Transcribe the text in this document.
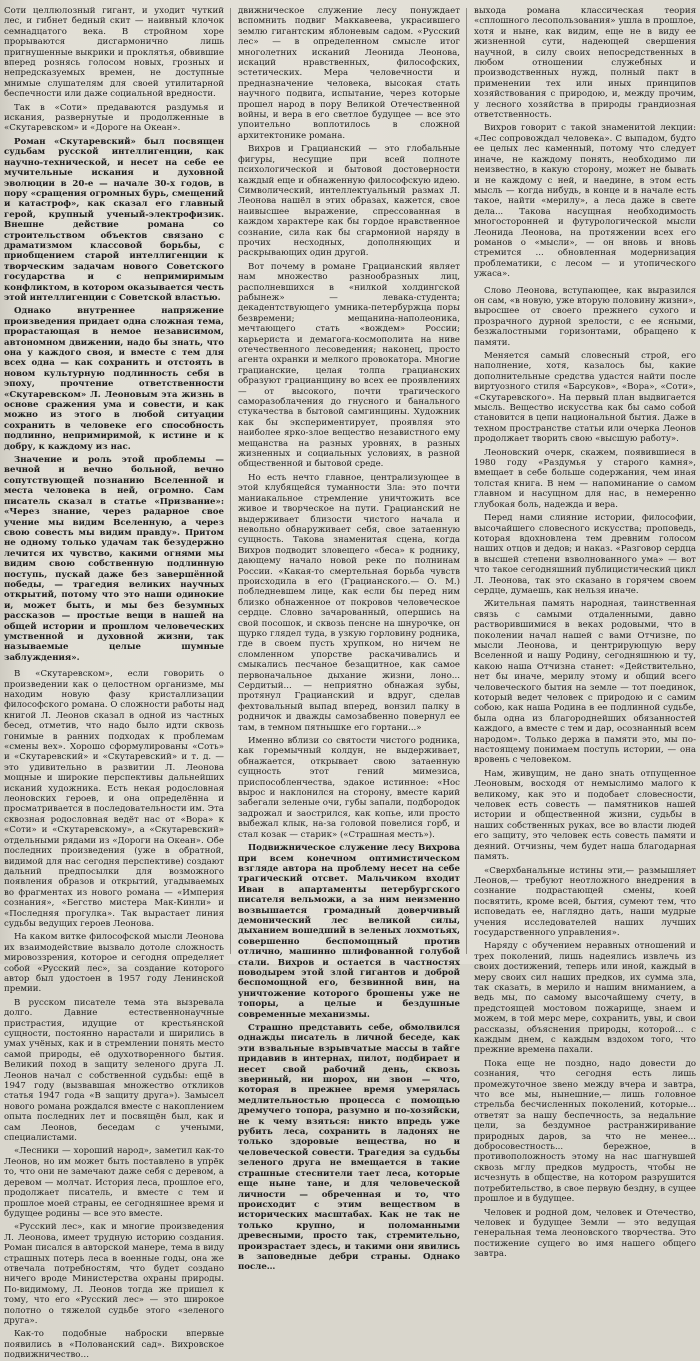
Соти целлюлозный гигант, и уходит чуткий лес, и гибнет бедный скит — наивный клочок семнадцатого века. В стройном хоре прорываются дисгармонично лишь пригнушенные выкрики и проклятья, обвившие вперед рознясь голосом новых, грозных и непредсказуемых времен, не доступные мнимые слушателям для своей утилитарной беспечности или даже социальной вредности.

Так в «Соти» предаваются раздумья и искания, развернутые и продолженные в «Скутаревском» и «Дороге на Океан».

Роман «Скутаревский» был посвящен судьбам русской интеллигенции, как научно-технической, и несет на себе ее мучительные искания и духовной эволюции в 20-е — начале 30-х годов, в пору «сращения огромных бурь, смещений и катастроф», как сказал его главный герой, крупный ученый-электрофизик. Внешне действие романа со строительством объектов связано с драматизмом классовой борьбы, с приобщением старой интеллигенции к творческим задачам нового Советского государства и с непримиримым конфликтом, в котором оказывается честь этой интеллигенции с Советской властью.

Однако внутреннее напряжение произведения придает одна сложная тема, прорастающая в немое независимом, автономном движении, надо бы знать, что она у каждого своя, и вместе с тем для всех одна — как сохранить и отстоять в новом культурную подлинность себя в эпоху, прочтение ответственности «Скутаревском» Л. Леоновым эта жизнь в основе сражения ума и совести, и как можно из этого в любой ситуации сохранить в человеке его способность подлинно, непримиримой, к истине и к добру, к каждому из нас.

Значение и роль этой проблемы — вечной и вечно больной, вечно сопутствующей познанию Вселенной и места человека в ней, огромно. Сам писатель сказал в статье «Призвание»: «Через знание, через радарное свое учение мы видим Вселенную, а через свою совесть мы видим правду». Притом не одному только удачам так безудержно лечится их чувство, какими огнями мы видим свою собственную подлинную поступь, пускай даже без завершённой победы, — трагедия великих научных открытий, потому что это наши одинокие и, может быть, и мы без безумных рассказов — простые вещи в нашей на общей истории и прошлом человеческих умственной и духовной жизни, так называемые целые шумные заблуждения».

В «Скутаревском», если говорить о произведении как о целостном организме, мы находим новую фазу кристаллизации философского романа. О сложности работы над книгой Л. Леонов сказал в одной из частных бесед, отметив, что надо было идти сквозь гонимые в ранних подходах к проблемам «смены вех». Хорошо сформулированы «Соть» и «Скутаревский» и «Скутаревский» и т. д. — это удивительно в развитии Л. Леонова мощные и широкие перспективы дальнейших исканий художника. Есть некая родословная леоновских героев, и она определённа и просматривается в последовательности им. Эта сквозная родословная ведёт нас от «Вора» к «Соти» и «Скутаревскому», а «Скутаревский» отдельными рядами из «Дороги на Океан». Обе последних произведения (уже в обратной, видимой для нас сегодня перспективе) создают дальний предпосылки для возможного появления образов и открытий, угадываемых во фрагментах из нового романа — «Империя сознания», «Бегство мистера Мак-Кинли» и «Последняя прогулка». Так вырастает линия судьбы ведущих героев Леонова.

На каком витке философской мысли Леонова их взаимодействие вызвало дотоле сложность мировоззрения, которое и сегодня определяет собой «Русский лес», за создание которого автор был удостоен в 1957 году Ленинской премии.

В русском писателе тема эта вызревала долго. Давние естественнонаучные пристрастия, идущие от крестьянской сущности, постоянно нарастали и ширились в умах учёных, как и в стремлении понять место самой природы, её одухотворенного бытия. Великий поход в защиту зеленого друга Л. Леонов начал с собственной судьбы: ещё в 1947 году (вызвавшая множество откликов статья 1947 года «В защиту друга»). Замысел нового романа рождался вместе с накоплением опыта последних лет и посвящён был, как и сам Леонов, беседам с учеными, специалистами.

«Лесники — хороший народ», заметил как-то Леонов, но им может быть поставлено в упрёк то, что они не замечают даже себя с деревом, а деревом — молчат. История леса, прошлое его, продолжает писатель, и вместе с тем и прошлое моей страны, ее сегодняшнее время и будущее родины — все это вместе.

«Русский лес», как и многие произведения Л. Леонова, имеет трудную историю создания. Роман писался в авторской манере, тема в виду страшных потерь леса в военные годы, она же отвечала потребностям, что будет создано ничего вроде Министерства охраны природы. По-видимому, Л. Леонов тогда же пришел к тому, что его «Русский лес» — это широкое полотно о тяжелой судьбе этого «зеленого друга».

Как-то подобные наброски впервые появились в «Полованский сад». Вихровское подвижничество…

движническое служение лесу понуждает вспомнить подвиг Маккавеева, украсившего землю гигантским яблоневым садом. «Русский лес» — в определенном смысле итог многолетних исканий Леонида Леонова, искаций нравственных, философских, эстетических. Мера человечности и предназначение человека, высокая стать научного подвига, испытание, через которые прошел народ в пору Великой Отечественной войны, и вера в его светлое будущее — все это упоительно воплотилось в сложной архитектонике романа.

Вихров и Грацианский — это глобальные фигуры, несущие при всей полноте психологической и бытовой достоверности каждый еще и обнаженную философскую идею. Символический, интеллектуальный размах Л. Леонова нашёл в этих образах, кажется, свое наивысшее выражение, спрессованная в каждом характере как бы гордое нравственное сознание, сила как бы сгармониой наряду в прочих несходных, дополняющих и раскрывающих один другой.

Вот почему в романе Грацианский являет нам множество разнообразных лиц, располневшихся в «нилкой холдингской рабынеж» — левака-студента; декадентствующего умника-петербуржца поры безвремени; мещанина-наполеоника, мечтающего стать «вождем» России; карьериста и демагога-космополита на ниве отечественного лесоведения; наконец, просто агента охранки и мелкого провокатора. Многие грацианские, целая толпа грацианских образуют грацианщину во всех ее проявлениях — от высокого, почти трагического саморазоблачения до гнусного и банального стукачества в бытовой самгинщины. Художник как бы экспериментирует, проявляя это наиболее ярко-злое вещество независтного ему мещанства на разных уровнях, в разных жизненных и социальных условиях, в разной общественной и бытовой среде.

Но есть нечто главное, централизующее в этой клубящейся туманности Зла: это почти маниакальное стремление уничтожить все живое и творческое на пути. Грацианский не выдерживает близости чистого начала и невольно обнаруживает себя, свое затаенную сущность. Такова знаменитая сцена, когда Вихров подводит зловещего «беса» к роднику, дающему начало новой реке по полнинам России. «Какая-то смертельная борьба чувств происходила в его (Грацианского.— О. М.) побледневшем лице, как если бы перед ним близко обнаженное от покровов человеческое сердце. Словно зачарованный, опершись на свой посошок, и сквозь пенсне на шнурочке, он щурко глядел туда, в узкую горловину родника, где в своем пусть хрупком, но ничем не сломленном упорстве раскачивались и смыкались песчаное безащитное, как самое первоначальное дыхание жизни, лоно... Сердитый... — неприятно обнажая зубы, протянул Грацианский и вдруг, сделав фехтовальный выпад вперед, вонзил палку в родничок и дважды самозабвенно повернул ее там, в темном пятнышке его гортани...»

Именно вблизи со святости чистого родника, как горемычный колдун, не выдерживает, обнажается, открывает свою затаенную сущность этот гений мимезиса, приспособленчества, эдакое истинное: «Нос вырос и наклонился на сторону, вместе карий забегали зеленые очи, губы запали, подбородок задрожал и заострился, как копье, или просто выбежал клык, на-за головой повелися горб, и стал козак — старик» («Страшная месть»).

Подвижническое служение лесу Вихрова при всем конечном оптимистическом взгляде автора на проблему несет на себе трагический отсвет. Мальчиком входит Иван в апартаменты петербургского писателя вельможи, а за ним неизменно возвышается громадный доверчивый демонический лес великой силы, дыханием вошедший в зеленых лохмотьях, совершенно беспомощный против отлично, машинно шлифованной голубой стали. Вихров и остается в частностях поводырем этой злой гигантов и доброй беспомощной его, безвинной вин, на уничтожение которого брошены уже не топоры, а целые и бездушные современные механизмы.

Страшно представить себе, обмолвился однажды писатель в личной беседе, как эти взвальные взрывчатые массы в тайге придавив в интернах, пилот, подбирает и несет свой рабочий день, сквозь звериный, ни шорох, ни звон — что, которая в прежнее время умерялась медлительностью процесса с помощью дремучего топора, разумно и по-хозяйски, не к чему взяться: никто впредь уже рубить леса, сохранить в ладонях не только здоровые вещества, но и человеческой совести. Трагедия за судьбы зеленого друга не вмещается в такие страшные стеснители тает леса, которые еще ныне тане, и для человеческой личности — обреченная и то, что происходит с этим веществом в исторических масштабах. Как не так не только крупно, и поломанными древесными, просто так, стремительно, произрастает здесь, и такими они явились в заповедные дебри страны. Однако после…

выхода романа классическая теория «сплошного лесопользования» ушла в прошлое, хотя и ныне, как видим, еще не в виду ее жизненной сути, надеющей свершения научной, в силу своих непосредственных в любом отношении служебных и производственных нужд, полный пакт в применении тех или иных принципов хозяйствования с природою, и, между прочим, у лесного хозяйства в природы грандиозная ответственность.

Вихров говорит с такой знаменитой лекции: «Лес сопровождал человека». С выпадом, будто ее целых лес каменный, потому что следует иначе, не каждому понять, необходимо ли неизвестно, в какую сторону, может не бывать и не каждому с ней, и наедине, в этом есть мысль — когда нибудь, в конце и в начале есть такое, найти «мерилу», а леса даже в свете дела... Такова насущная необходимость многосторонней и футурологической мысли Леонида Леонова, на протяжении всех его романов о «мысли», — он вновь и вновь стремится ... обновленная модернизация проблематики, с лесом — и утопического ужаса».

Слово Леонова, вступающее, как выразился он сам, «в новую, уже вторую половину жизни», выросшее от своего прежнего сухого и прозрачного дурной зрелости, с ее ясными, безжалостными горизонтами, обращено к памяти.

Меняется самый словесный строй, его наполнение, хотя, казалось бы, какие дополнительные средства удастся найти после виртуозного стиля «Барсуков», «Вора», «Соти», «Скутаревского». На первый план выдвигается мысль. Вещество искусства как бы само собой становится в цепи национальной бытия. Даже в техном пространстве статьи или очерка Леонов продолжает творить свою «высшую работу».

Леоновский очерк, скажем, появившиеся в 1980 году «Раздумья у старого камня», вмещает в себе больше содержания, чем иная толстая книга. В нем — напоминание о самом главном и насущном для нас, в немеренно глубокая боль, надежда и вера.

Перед нами слияние истории, философии, высочайшего словесного искусства; проповедь, которая вдохновлена тем древним голосом наших отцов и дедов; и наказ. «Разговор сердца в высшей степени взволнованного ума» — вот что такое сегодняшний публицистический цикл Л. Леонова, так это сказано в горячем своем сердце, думаешь, как нельзя иначе.

Жительная память народная, таинственная связь с самыми отдаленными, давно растворившимися в веках родовыми, что в поколении начал нашей с вами Отчизне, по мысли Леонова, и центрирующую веру Вселенной и нашу Родину, сегодняшнюю и ту, какою наша Отчизна станет: «Действительно, нет бы иначе, мерилу этому и общий всего человеческого бытия на земле — тот поединок, который ведет человек с природою и с самим собою, как наша Родина в ее подлинной судьбе, была одна из благороднейших обязанностей каждого, а вместе с тем и дар, осознанный всем народом». Только держа в памяти это, мы по-настоящему понимаем поступь истории, — она вровень с человеком.

Нам, живущим, не дано знать отпущенное Леоновым, восходя от немыслимо малого к великому, как это и подобает словесности, человек есть совесть — памятников нашей истории и общественной жизни, судьбы в наших собственных руках, все во власти людей его защиту, это человек есть совесть памяти и деяний. Отчизны, чем будет наша благодарная память.

«Сверхбанальные истины эти,— размышляет Леонов,— требуют неотложного внедрения в сознание подрастающей смены, коей посвятить, кроме всей, бытия, сумеют тем, что исповедать ее, наглядно дать, наши мудрые учения исследователей наших лучших государственного управления».

Наряду с обучением неравных отношений и трех поколений, лишь надеялись извлечь из своих достижений, теперь или иной, каждый в меру своих сил наших предков, их сумма зла, так сказать, в мерило и нашим вниманием, а ведь мы, по самому высочайшему счету, в предстоящей мостовом пожарище, знаем и можем, в той мерс мере, сохранить, увы, и свои рассказы, объяснения природы, которой... с каждым днем, с каждым вздохом того, что прежние времена пахали.

Пока еще не поздно, надо довести до сознания, что сегодня есть лишь промежуточное звено между вчера и завтра, что все мы, нынешние,— лишь головное стрельба бесчисленных поколений, которые... ответят за нашу беспечность, за недальние цели, за бездумное растранжиривание природных даров, за что не менее... добросовестность... бережное, в противоположность этому на нас шагнувшей сквозь мглу предков мудрость, чтобы не исчезнуть в обществе, на котором разрушится потребительство, в свое первую бездну, в сущее прошлое и в будущее.

Человек и родной дом, человек и Отечество, человек и будущее Земли — это ведущая генеральная тема леоновского творчества. Это постижение сущего во имя нашего общего завтра.
